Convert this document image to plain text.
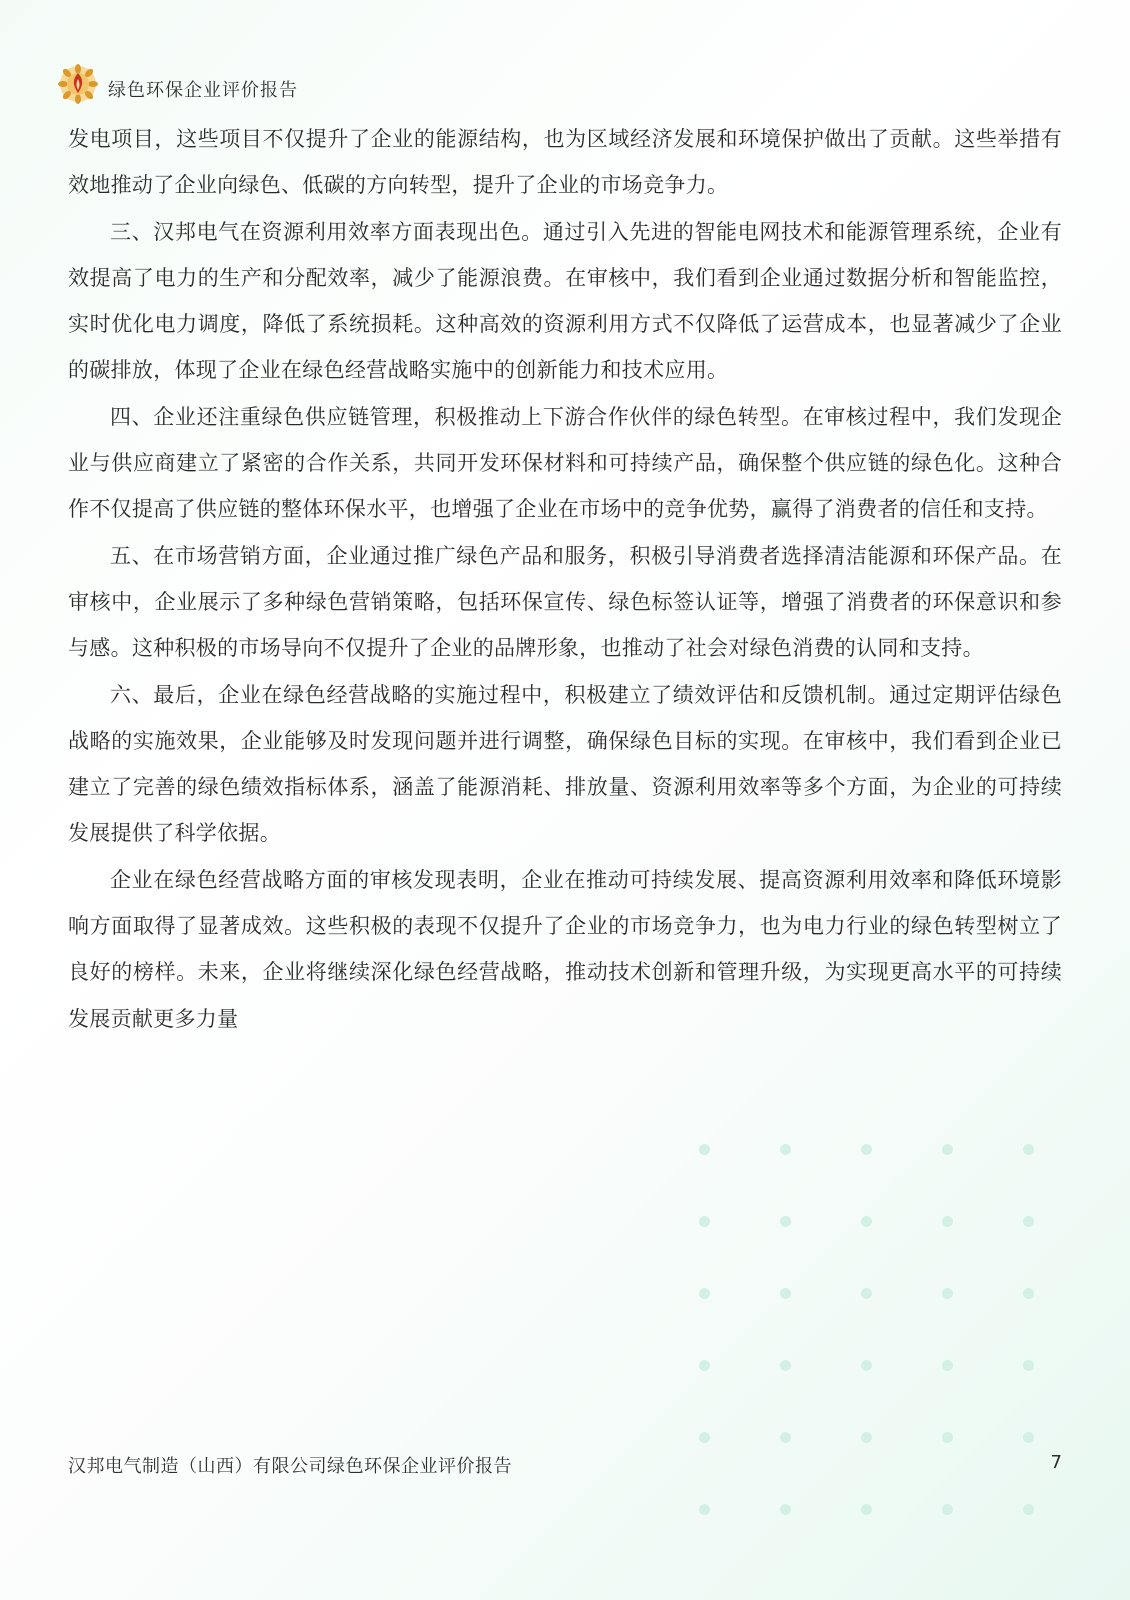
绿色环保企业评价报告

发电项目，这些项目不仅提升了企业的能源结构，也为区域经济发展和环境保护做出了贡献。这些举措有效地推动了企业向绿色、低碳的方向转型，提升了企业的市场竞争力。

三、汉邦电气在资源利用效率方面表现出色。通过引入先进的智能电网技术和能源管理系统，企业有效提高了电力的生产和分配效率，减少了能源浪费。在审核中，我们看到企业通过数据分析和智能监控，实时优化电力调度，降低了系统损耗。这种高效的资源利用方式不仅降低了运营成本，也显著减少了企业的碳排放，体现了企业在绿色经营战略实施中的创新能力和技术应用。

四、企业还注重绿色供应链管理，积极推动上下游合作伙伴的绿色转型。在审核过程中，我们发现企业与供应商建立了紧密的合作关系，共同开发环保材料和可持续产品，确保整个供应链的绿色化。这种合作不仅提高了供应链的整体环保水平，也增强了企业在市场中的竞争优势，赢得了消费者的信任和支持。

五、在市场营销方面，企业通过推广绿色产品和服务，积极引导消费者选择清洁能源和环保产品。在审核中，企业展示了多种绿色营销策略，包括环保宣传、绿色标签认证等，增强了消费者的环保意识和参与感。这种积极的市场导向不仅提升了企业的品牌形象，也推动了社会对绿色消费的认同和支持。

六、最后，企业在绿色经营战略的实施过程中，积极建立了绩效评估和反馈机制。通过定期评估绿色战略的实施效果，企业能够及时发现问题并进行调整，确保绿色目标的实现。在审核中，我们看到企业已建立了完善的绿色绩效指标体系，涵盖了能源消耗、排放量、资源利用效率等多个方面，为企业的可持续发展提供了科学依据。

企业在绿色经营战略方面的审核发现表明，企业在推动可持续发展、提高资源利用效率和降低环境影响方面取得了显著成效。这些积极的表现不仅提升了企业的市场竞争力，也为电力行业的绿色转型树立了良好的榜样。未来，企业将继续深化绿色经营战略，推动技术创新和管理升级，为实现更高水平的可持续发展贡献更多力量

汉邦电气制造（山西）有限公司绿色环保企业评价报告	7
